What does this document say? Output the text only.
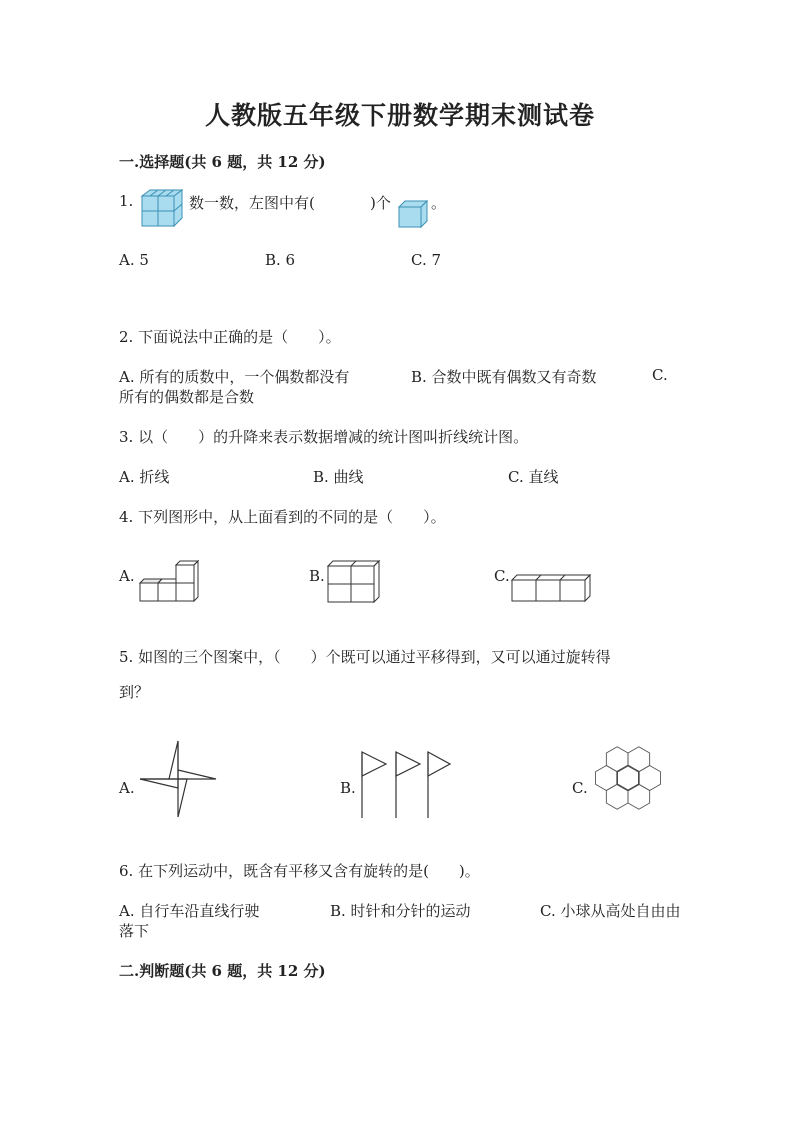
人教版五年级下册数学期末测试卷
一.选择题(共 6 题，共 12 分)
1.	数一数，左图中有(	)个	。
A. 5	B. 6	C. 7
2. 下面说法中正确的是（　　）。
A. 所有的质数中，一个偶数都没有	B. 合数中既有偶数又有奇数	C.
所有的偶数都是合数
3. 以（　　）的升降来表示数据增减的统计图叫折线统计图。
A. 折线	B. 曲线	C. 直线
4. 下列图形中，从上面看到的不同的是（　　）。
A.	B.	C.
5. 如图的三个图案中，（　　）个既可以通过平移得到，又可以通过旋转得
到？
A.	B.	C.
6. 在下列运动中，既含有平移又含有旋转的是(　　)。
A. 自行车沿直线行驶	B. 时针和分针的运动	C. 小球从高处自由由
落下
二.判断题(共 6 题，共 12 分)
